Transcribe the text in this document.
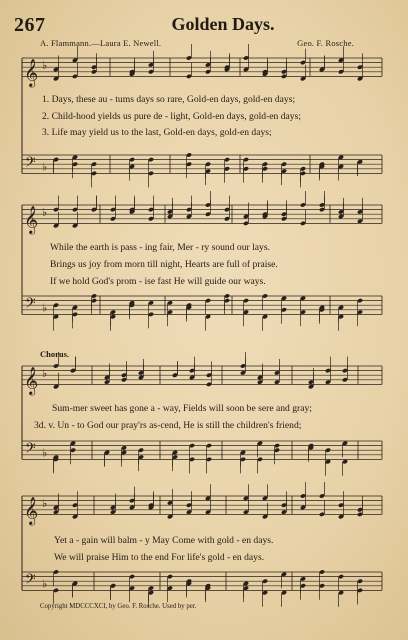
267	Golden Days.
A. Flammann.—Laura E. Newell.	Geo. F. Rosche.
𝄞
𝄢
♭
♭
𝄞
𝄢
♭
♭
𝄞
𝄢
♭
♭
𝄞
𝄢
♭
♭
1. Days, these au - tums days so rare, Gold-en days, gold-en days;
2. Child-hood yields us pure de - light, Gold-en days, gold-en days;
3. Life may yield us to the last, Gold-en days, gold-en days;
While the earth is pass - ing fair, Mer - ry sound our lays.
Brings us joy from morn till night, Hearts are full of praise.
If we hold God's prom - ise fast He will guide our ways.
Chorus.
Sum-mer sweet has gone a - way, Fields will soon be sere and gray;
3d. v. Un - to God our pray'rs as-cend, He is still the children's friend;
Yet a - gain will balm - y May Come with gold - en days.
We will praise Him to the end For life's gold - en days.
Copyright MDCCCXCI, by Geo. F. Rosche. Used by per.
